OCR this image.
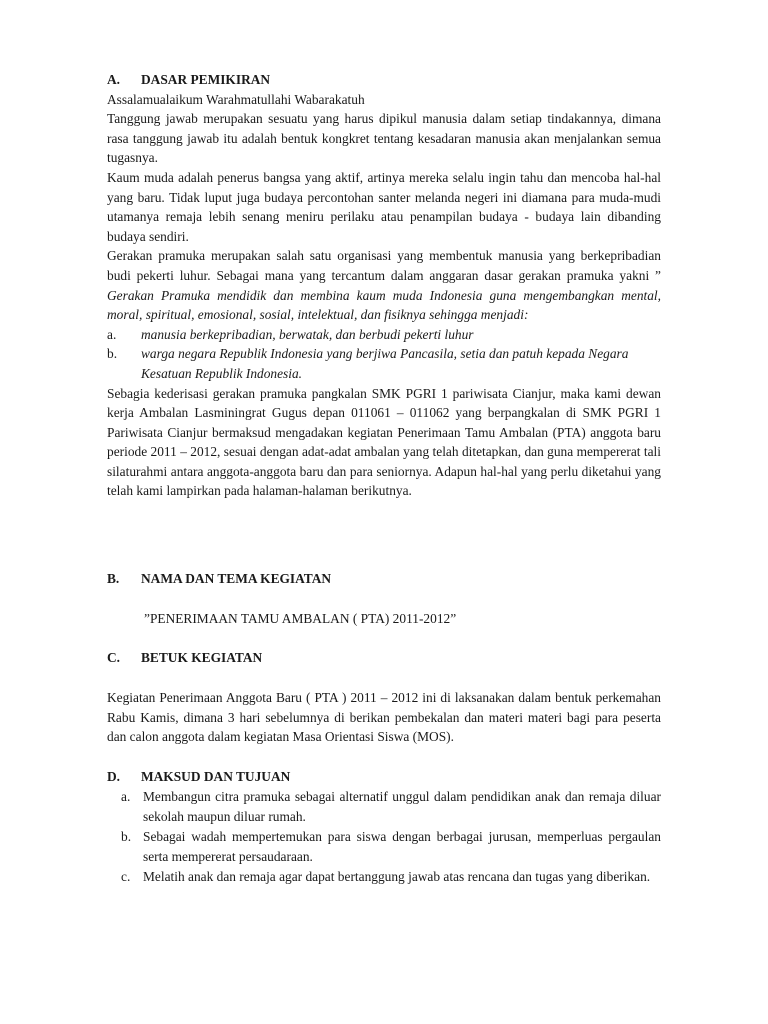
A. DASAR PEMIKIRAN

Assalamualaikum Warahmatullahi Wabarakatuh

Tanggung jawab merupakan sesuatu yang harus dipikul manusia dalam setiap tindakannya, dimana rasa tanggung jawab itu adalah bentuk kongkret tentang kesadaran manusia akan menjalankan semua tugasnya.

Kaum muda adalah penerus bangsa yang aktif, artinya mereka selalu ingin tahu dan mencoba hal-hal yang baru. Tidak luput juga budaya percontohan santer melanda negeri ini diamana para muda-mudi utamanya remaja lebih senang meniru perilaku atau penampilan budaya - budaya lain dibanding budaya sendiri.

Gerakan pramuka merupakan salah satu organisasi yang membentuk manusia yang berkepribadian budi pekerti luhur. Sebagai mana yang tercantum dalam anggaran dasar gerakan pramuka yakni ” Gerakan Pramuka mendidik dan membina kaum muda Indonesia guna mengembangkan mental, moral, spiritual, emosional, sosial, intelektual, dan fisiknya sehingga menjadi:

a.	manusia berkepribadian, berwatak, dan berbudi pekerti luhur
b.	warga negara Republik Indonesia yang berjiwa Pancasila, setia dan patuh kepada Negara Kesatuan Republik Indonesia.

Sebagia kederisasi gerakan pramuka pangkalan SMK PGRI 1 pariwisata Cianjur, maka kami dewan kerja Ambalan Lasminingrat Gugus depan 011061 – 011062 yang berpangkalan di SMK PGRI 1 Pariwisata Cianjur bermaksud mengadakan kegiatan Penerimaan Tamu Ambalan (PTA) anggota baru periode 2011 – 2012, sesuai dengan adat-adat ambalan yang telah ditetapkan, dan guna mempererat tali silaturahmi antara anggota-anggota baru dan para seniornya. Adapun hal-hal yang perlu diketahui yang telah kami lampirkan pada halaman-halaman berikutnya.

B. NAMA DAN TEMA KEGIATAN

”PENERIMAAN TAMU AMBALAN ( PTA) 2011-2012”

C. BETUK KEGIATAN

Kegiatan Penerimaan Anggota Baru ( PTA ) 2011 – 2012 ini di laksanakan dalam bentuk perkemahan Rabu Kamis, dimana 3 hari sebelumnya di berikan pembekalan dan materi materi bagi para peserta dan calon anggota dalam kegiatan Masa Orientasi Siswa (MOS).

D. MAKSUD DAN TUJUAN
a. Membangun citra pramuka sebagai alternatif unggul dalam pendidikan anak dan remaja diluar sekolah maupun diluar rumah.
b. Sebagai wadah mempertemukan para siswa dengan berbagai jurusan, memperluas pergaulan serta mempererat persaudaraan.
c. Melatih anak dan remaja agar dapat bertanggung jawab atas rencana dan tugas yang diberikan.
